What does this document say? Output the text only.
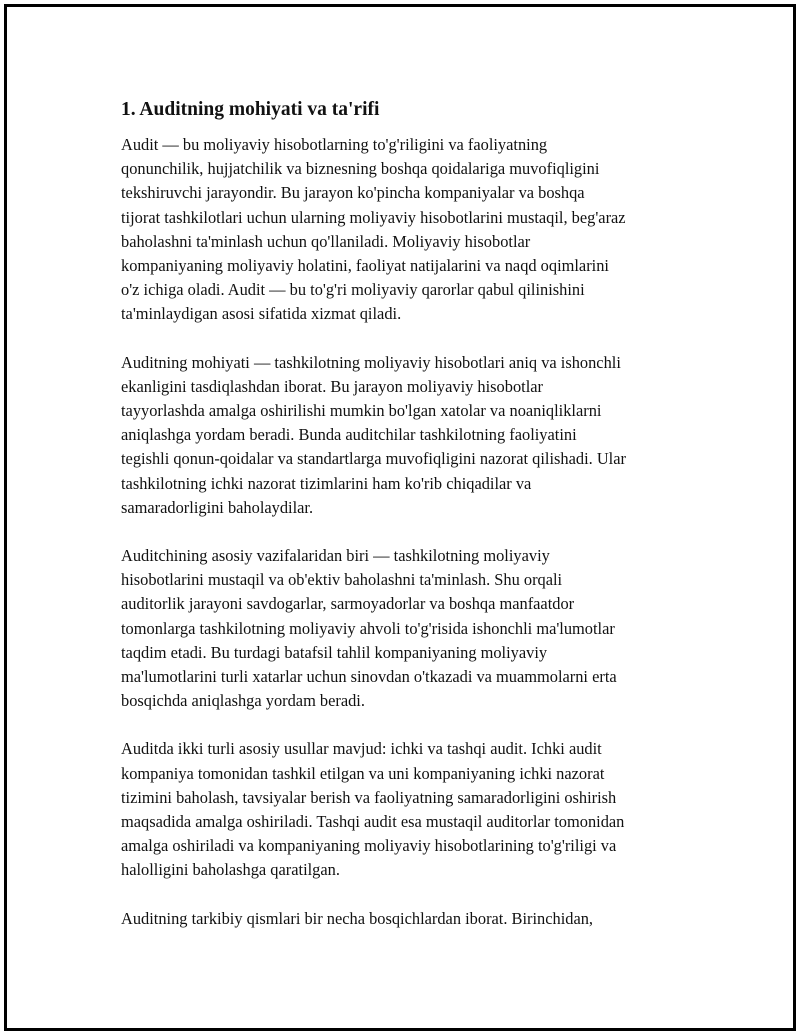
1. Auditning mohiyati va ta'rifi

Audit — bu moliyaviy hisobotlarning to'g'riligini va faoliyatning
qonunchilik, hujjatchilik va biznesning boshqa qoidalariga muvofiqligini
tekshiruvchi jarayondir. Bu jarayon ko'pincha kompaniyalar va boshqa
tijorat tashkilotlari uchun ularning moliyaviy hisobotlarini mustaqil, beg'araz
baholashni ta'minlash uchun qo'llaniladi. Moliyaviy hisobotlar
kompaniyaning moliyaviy holatini, faoliyat natijalarini va naqd oqimlarini
o'z ichiga oladi. Audit — bu to'g'ri moliyaviy qarorlar qabul qilinishini
ta'minlaydigan asosi sifatida xizmat qiladi.

Auditning mohiyati — tashkilotning moliyaviy hisobotlari aniq va ishonchli
ekanligini tasdiqlashdan iborat. Bu jarayon moliyaviy hisobotlar
tayyorlashda amalga oshirilishi mumkin bo'lgan xatolar va noaniqliklarni
aniqlashga yordam beradi. Bunda auditchilar tashkilotning faoliyatini
tegishli qonun-qoidalar va standartlarga muvofiqligini nazorat qilishadi. Ular
tashkilotning ichki nazorat tizimlarini ham ko'rib chiqadilar va
samaradorligini baholaydilar.

Auditchining asosiy vazifalaridan biri — tashkilotning moliyaviy
hisobotlarini mustaqil va ob'ektiv baholashni ta'minlash. Shu orqali
auditorlik jarayoni savdogarlar, sarmoyadorlar va boshqa manfaatdor
tomonlarga tashkilotning moliyaviy ahvoli to'g'risida ishonchli ma'lumotlar
taqdim etadi. Bu turdagi batafsil tahlil kompaniyaning moliyaviy
ma'lumotlarini turli xatarlar uchun sinovdan o'tkazadi va muammolarni erta
bosqichda aniqlashga yordam beradi.

Auditda ikki turli asosiy usullar mavjud: ichki va tashqi audit. Ichki audit
kompaniya tomonidan tashkil etilgan va uni kompaniyaning ichki nazorat
tizimini baholash, tavsiyalar berish va faoliyatning samaradorligini oshirish
maqsadida amalga oshiriladi. Tashqi audit esa mustaqil auditorlar tomonidan
amalga oshiriladi va kompaniyaning moliyaviy hisobotlarining to'g'riligi va
halolligini baholashga qaratilgan.

Auditning tarkibiy qismlari bir necha bosqichlardan iborat. Birinchidan,
